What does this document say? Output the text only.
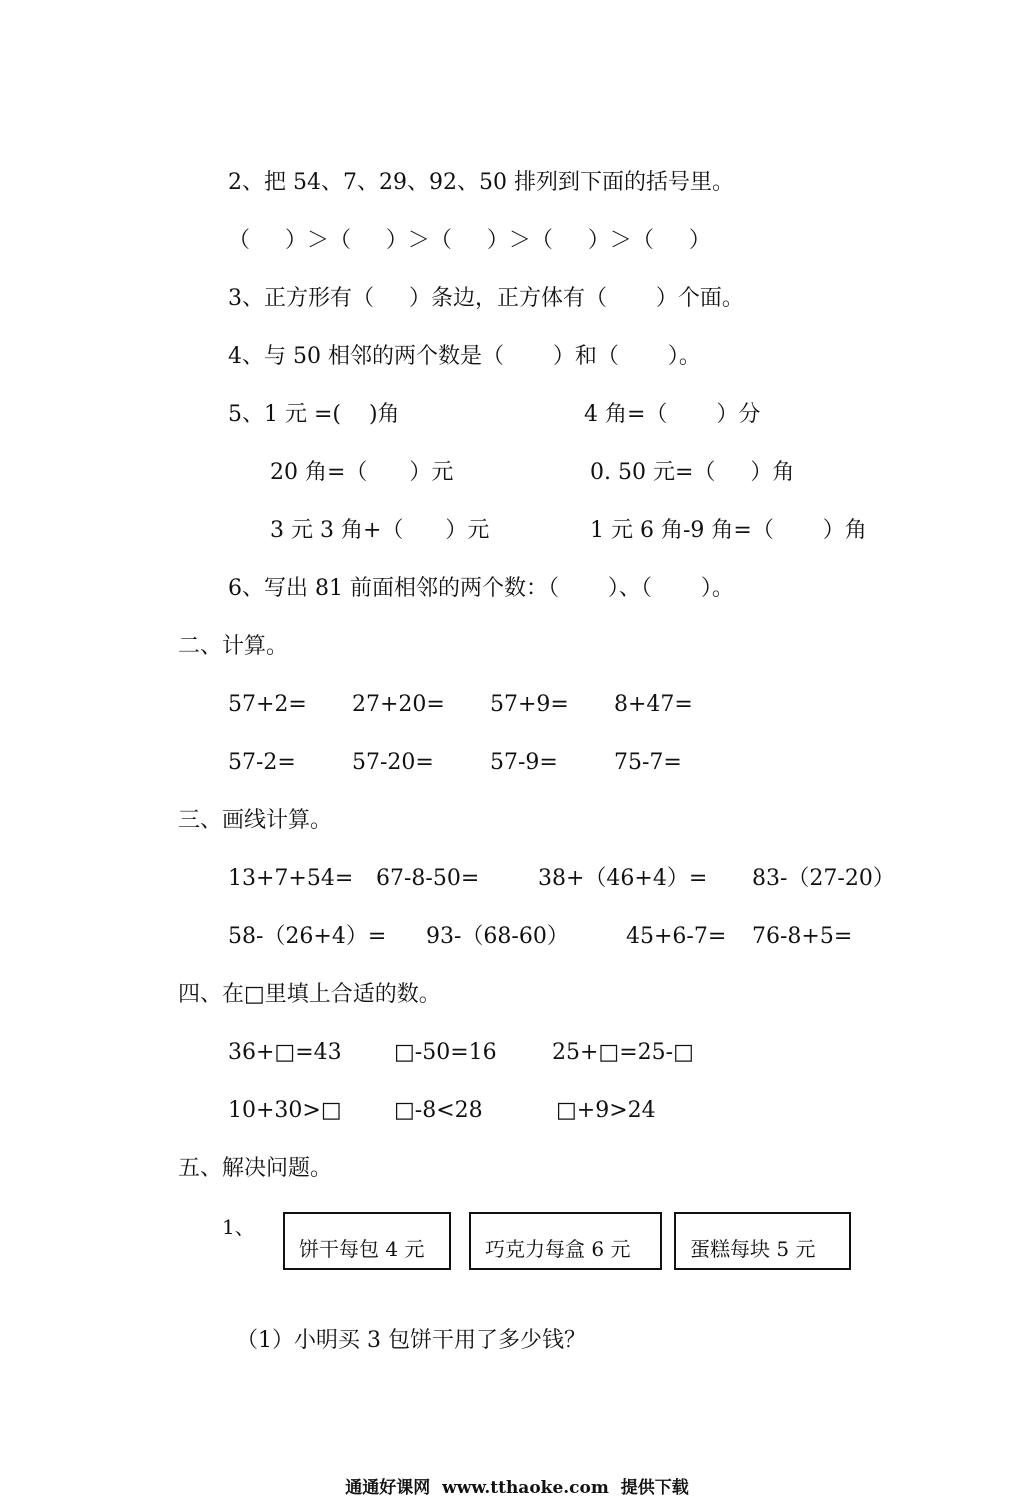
2、把 54、7、29、92、50 排列到下面的括号里。

（     ）＞（     ）＞（     ）＞（     ）＞（     ）

3、正方形有（     ）条边，正方体有（       ）个面。

4、与 50 相邻的两个数是（       ）和（       ）。

5、1 元 =(    )角	4 角=（       ）分

20 角=（      ）元	0. 50 元=（     ）角

3 元 3 角+（      ）元	1 元 6 角-9 角=（       ）角

6、写出 81 前面相邻的两个数：（       ）、（       ）。

二、计算。

57+2= 27+20= 57+9= 8+47=

57-2=	57-20=	57-9=	75-7=

三、画线计算。

13+7+54= 67-8-50=	38+（46+4）= 83-（27-20）

58-（26+4）= 93-（68-60）	45+6-7= 76-8+5=

四、在□里填上合适的数。

36+□=43 □-50=16	25+□=25-□

10+30>□ □-8<28	□+9>24

五、解决问题。

1、

饼干每包 4 元	巧克力每盒 6 元	蛋糕每块 5 元

（1）小明买 3 包饼干用了多少钱？

通通好课网  www.tthaoke.com  提供下载
